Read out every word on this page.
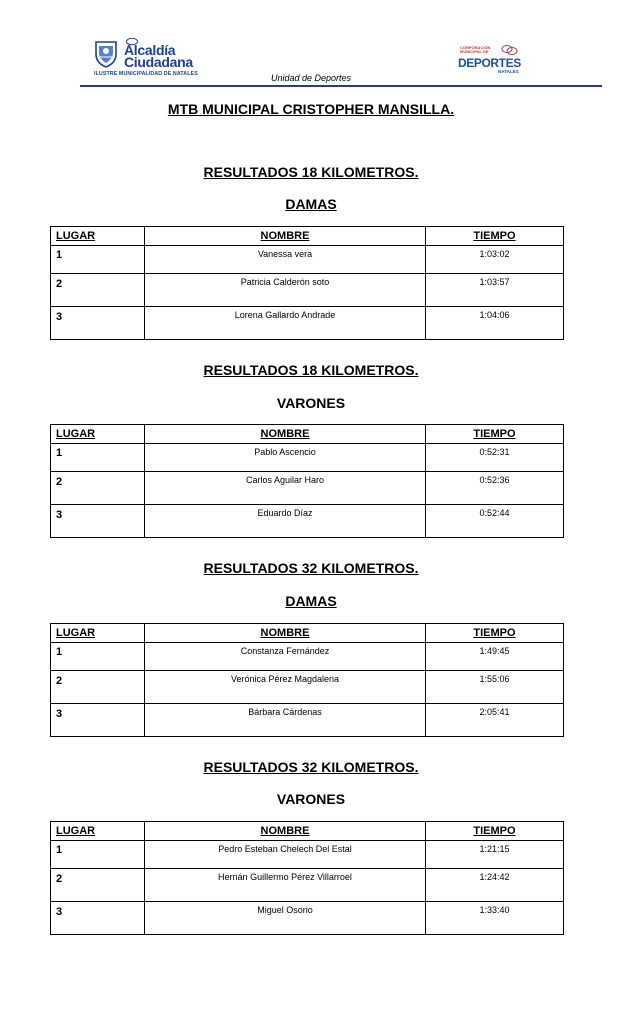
Alcaldía
Ciudadana
ILUSTRE MUNICIPALIDAD DE NATALES
CORPORACIÓN MUNICIPAL DE
DEPORTES
NATALES
Unidad de Deportes
MTB MUNICIPAL CRISTOPHER MANSILLA.
RESULTADOS 18 KILOMETROS.
DAMAS
LUGAR	NOMBRE	TIEMPO
1	Vanessa vera	1:03:02
2	Patricia Calderón soto	1:03:57
3	Lorena Gallardo Andrade	1:04:06
RESULTADOS 18 KILOMETROS.
VARONES
LUGAR	NOMBRE	TIEMPO
1	Pablo Ascencio	0:52:31
2	Carlos Aguilar Haro	0:52:36
3	Eduardo Díaz	0:52:44
RESULTADOS 32 KILOMETROS.
DAMAS
LUGAR	NOMBRE	TIEMPO
1	Constanza Fernández	1:49:45
2	Verónica Pérez Magdalena	1:55:06
3	Bárbara Cárdenas	2:05:41
RESULTADOS 32 KILOMETROS.
VARONES
LUGAR	NOMBRE	TIEMPO
1	Pedro Esteban Chelech Del Estal	1:21:15
2	Hernán Guillermo Pérez Villarroel	1:24:42
3	Miguel Osorio	1:33:40
